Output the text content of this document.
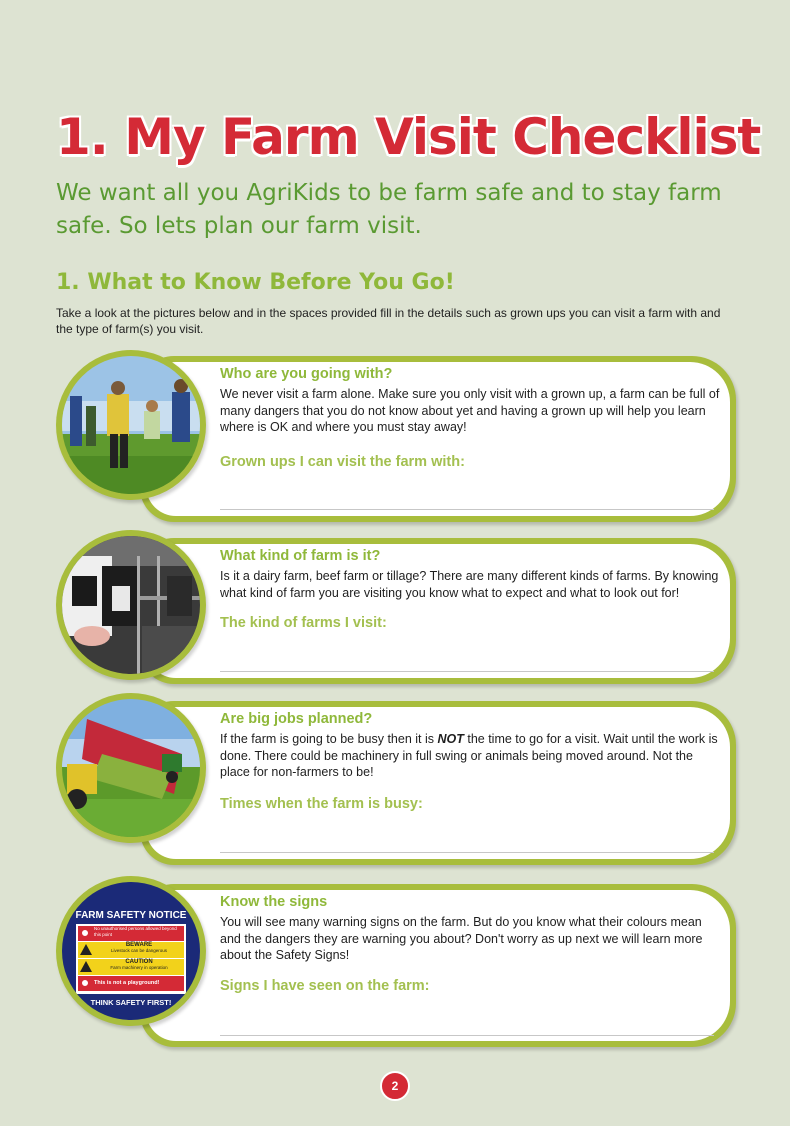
1. My Farm Visit Checklist
We want all you AgriKids to be farm safe and to stay farm safe. So lets plan our farm visit.
1. What to Know Before You Go!

Take a look at the pictures below and in the spaces provided fill in the details such as grown ups you can visit a farm with and the type of farm(s) you visit.

Who are you going with?
We never visit a farm alone. Make sure you only visit with a grown up, a farm can be full of many dangers that you do not know about yet and having a grown up will help you learn where is OK and where you must stay away!
Grown ups I can visit the farm with:
What kind of farm is it?
Is it a dairy farm, beef farm or tillage? There are many different kinds of farms. By knowing what kind of farm you are visiting you know what to expect and what to look out for!
The kind of farms I visit:
Are big jobs planned?
If the farm is going to be busy then it is NOT the time to go for a visit. Wait until the work is done. There could be machinery in full swing or animals being moved around. Not the place for non-farmers to be!
Times when the farm is busy:
Know the signs
You will see many warning signs on the farm. But do you know what their colours mean and the dangers they are warning you about? Don't worry as up next we will learn more about the Safety Signs!
Signs I have seen on the farm:
FARM SAFETY NOTICE
No unauthorised persons allowed beyond this point
BEWARE
Livestock can be dangerous
CAUTION
Farm machinery in operation
This is not a playground!
THINK SAFETY FIRST!
2
